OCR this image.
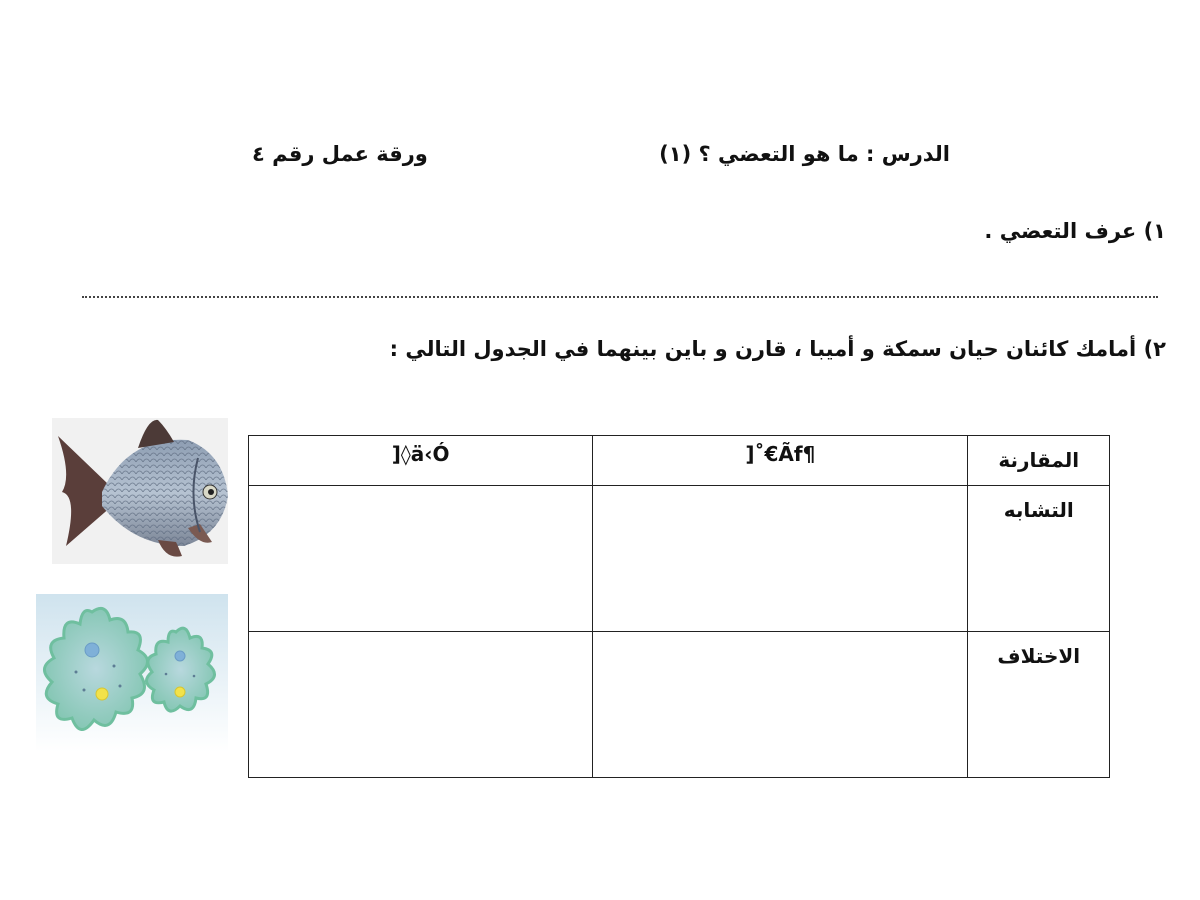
الدرس : ما هو التعضي ؟ (١)
ورقة عمل رقم ٤
١) عرف التعضي .
٢) أمامك كائنان حيان سمكة و أميبا ، قارن و باين بينهما في الجدول التالي :
]◊ä‹Ó	]˚€Ãf¶	المقارنة

		التشابه

		الاختلاف
